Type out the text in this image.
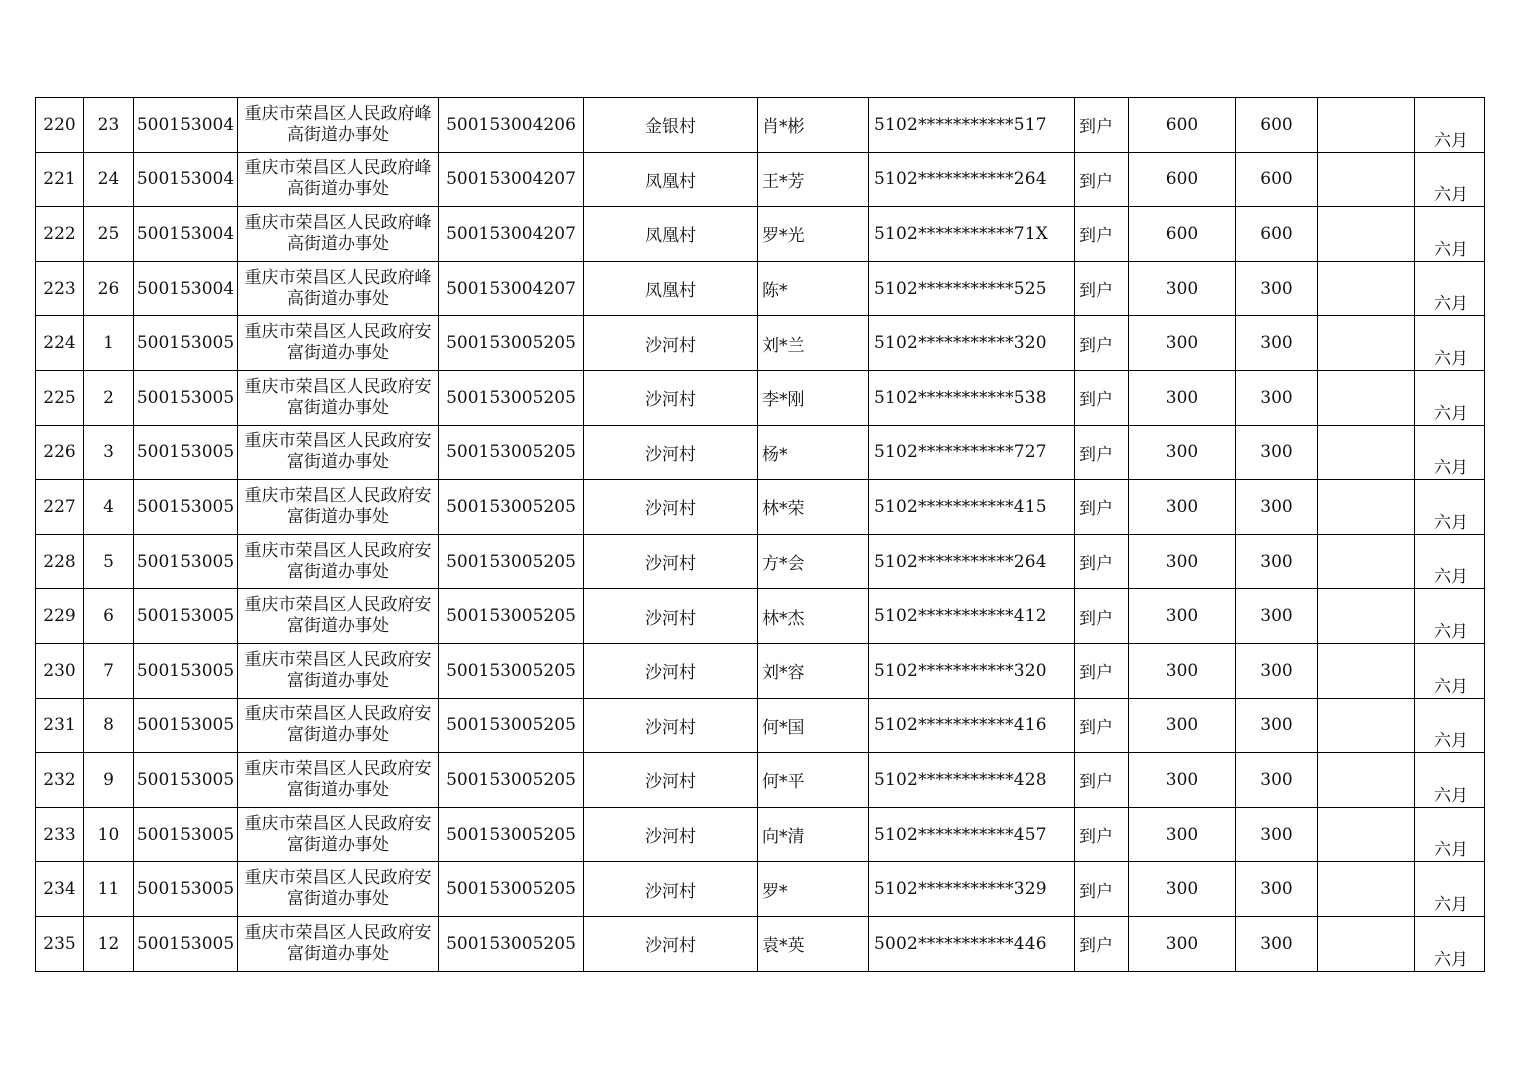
220	23	500153004	重庆市荣昌区人民政府峰高街道办事处	500153004206	金银村	肖*彬	5102***********517	到户	600	600		六月
221	24	500153004	重庆市荣昌区人民政府峰高街道办事处	500153004207	凤凰村	王*芳	5102***********264	到户	600	600		六月
222	25	500153004	重庆市荣昌区人民政府峰高街道办事处	500153004207	凤凰村	罗*光	5102***********71X	到户	600	600		六月
223	26	500153004	重庆市荣昌区人民政府峰高街道办事处	500153004207	凤凰村	陈*	5102***********525	到户	300	300		六月
224	1	500153005	重庆市荣昌区人民政府安富街道办事处	500153005205	沙河村	刘*兰	5102***********320	到户	300	300		六月
225	2	500153005	重庆市荣昌区人民政府安富街道办事处	500153005205	沙河村	李*刚	5102***********538	到户	300	300		六月
226	3	500153005	重庆市荣昌区人民政府安富街道办事处	500153005205	沙河村	杨*	5102***********727	到户	300	300		六月
227	4	500153005	重庆市荣昌区人民政府安富街道办事处	500153005205	沙河村	林*荣	5102***********415	到户	300	300		六月
228	5	500153005	重庆市荣昌区人民政府安富街道办事处	500153005205	沙河村	方*会	5102***********264	到户	300	300		六月
229	6	500153005	重庆市荣昌区人民政府安富街道办事处	500153005205	沙河村	林*杰	5102***********412	到户	300	300		六月
230	7	500153005	重庆市荣昌区人民政府安富街道办事处	500153005205	沙河村	刘*容	5102***********320	到户	300	300		六月
231	8	500153005	重庆市荣昌区人民政府安富街道办事处	500153005205	沙河村	何*国	5102***********416	到户	300	300		六月
232	9	500153005	重庆市荣昌区人民政府安富街道办事处	500153005205	沙河村	何*平	5102***********428	到户	300	300		六月
233	10	500153005	重庆市荣昌区人民政府安富街道办事处	500153005205	沙河村	向*清	5102***********457	到户	300	300		六月
234	11	500153005	重庆市荣昌区人民政府安富街道办事处	500153005205	沙河村	罗*	5102***********329	到户	300	300		六月
235	12	500153005	重庆市荣昌区人民政府安富街道办事处	500153005205	沙河村	袁*英	5002***********446	到户	300	300		六月
